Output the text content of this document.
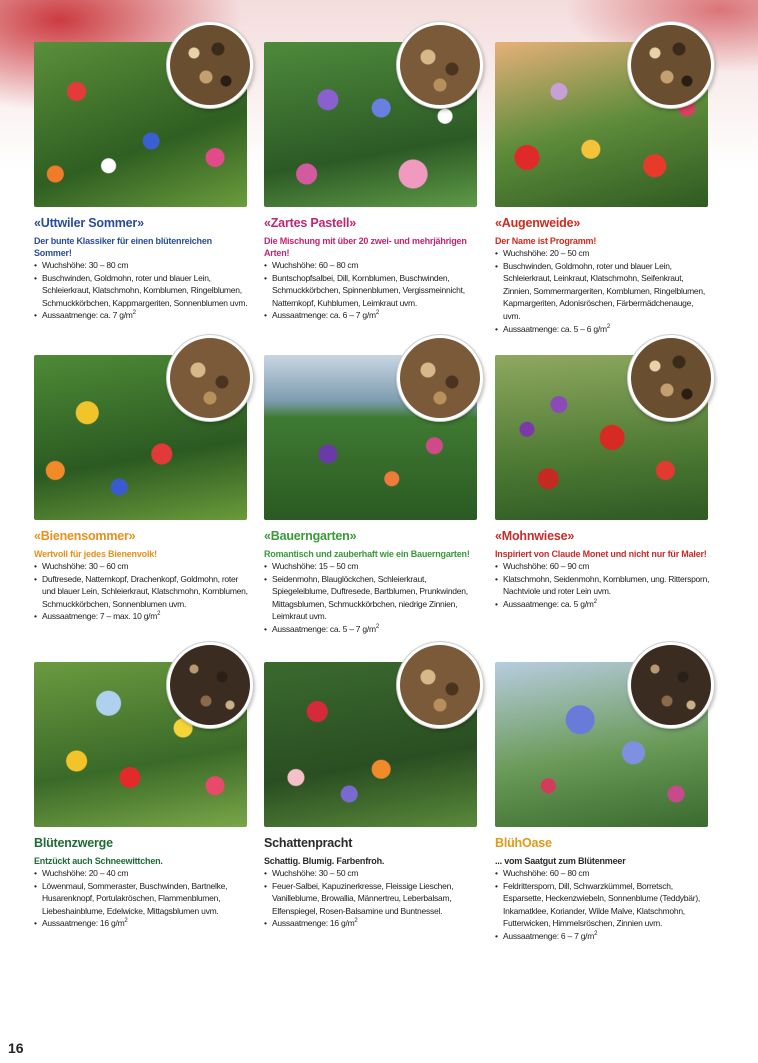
«Uttwiler Sommer»
Der bunte Klassiker für einen blütenreichen Sommer!
• Wuchshöhe: 30 – 80 cm
• Buschwinden, Goldmohn, roter und blauer Lein, Schleierkraut, Klatschmohn, Kornblumen, Ringelblumen, Schmuckkörbchen, Kappmargeriten, Sonnenblumen uvm.
• Aussaatmenge: ca. 7 $g/m^2$
«Zartes Pastell»
Die Mischung mit über 20 zwei- und mehrjährigen Arten!
• Wuchshöhe: 60 – 80 cm
• Buntschopfsalbei, Dill, Kornblumen, Buschwinden, Schmuckkörbchen, Spinnenblumen, Vergissmeinnicht, Natternkopf, Kuhblumen, Leimkraut uvm.
• Aussaatmenge: ca. 6 – 7 $g/m^2$
«Augenweide»
Der Name ist Programm!
• Wuchshöhe: 20 – 50 cm
• Buschwinden, Goldmohn, roter und blauer Lein, Schleierkraut, Leinkraut, Klatschmohn, Seifenkraut, Zinnien, Sommermargeriten, Kornblumen, Ringelblumen, Kapmargeriten, Adonisröschen, Färbermädchenauge, uvm.
• Aussaatmenge: ca. 5 – 6 $g/m^2$
«Bienensommer»
Wertvoll für jedes Bienenvolk!
• Wuchshöhe: 30 – 60 cm
• Duftresede, Natternkopf, Drachenkopf, Goldmohn, roter und blauer Lein, Schleierkraut, Klatschmohn, Kornblumen, Schmuckkörbchen, Sonnenblumen uvm.
• Aussaatmenge: 7 – max. 10 $g/m^2$
«Bauerngarten»
Romantisch und zauberhaft wie ein Bauerngarten!
• Wuchshöhe: 15 – 50 cm
• Seidenmohn, Blauglöckchen, Schleierkraut, Spiegeleiblume, Duftresede, Bartblumen, Prunkwinden, Mittagsblumen, Schmuckkörbchen, niedrige Zinnien, Leimkraut uvm.
• Aussaatmenge: ca. 5 – 7 $g/m^2$
«Mohnwiese»
Inspiriert von Claude Monet und nicht nur für Maler!
• Wuchshöhe: 60 – 90 cm
• Klatschmohn, Seidenmohn, Kornblumen, ung. Rittersporn, Nachtviole und roter Lein uvm.
• Aussaatmenge: ca. 5 $g/m^2$
Blütenzwerge
Entzückt auch Schneewittchen.
• Wuchshöhe: 20 – 40 cm
• Löwenmaul, Sommeraster, Buschwinden, Bartnelke, Husarenknopf, Portulakröschen, Flammenblumen, Liebeshainblume, Edelwicke, Mittagsblumen uvm.
• Aussaatmenge: 16 $g/m^2$
Schattenpracht
Schattig. Blumig. Farbenfroh.
• Wuchshöhe: 30 – 50 cm
• Feuer-Salbei, Kapuzinerkresse, Fleissige Lieschen, Vanilleblume, Browallia, Männertreu, Leberbalsam, Elfenspiegel, Rosen-Balsamine und Buntnessel.
• Aussaatmenge: 16 $g/m^2$
BlühOase
... vom Saatgut zum Blütenmeer
• Wuchshöhe: 60 – 80 cm
• Feldrittersporn, Dill, Schwarzkümmel, Borretsch, Esparsette, Heckenzwiebeln, Sonnenblume (Teddybär), Inkamatklee, Koriander, Wilde Malve, Klatschmohn, Futterwicken, Himmelsröschen, Zinnien uvm.
• Aussaatmenge: 6 – 7 $g/m^2$
16
